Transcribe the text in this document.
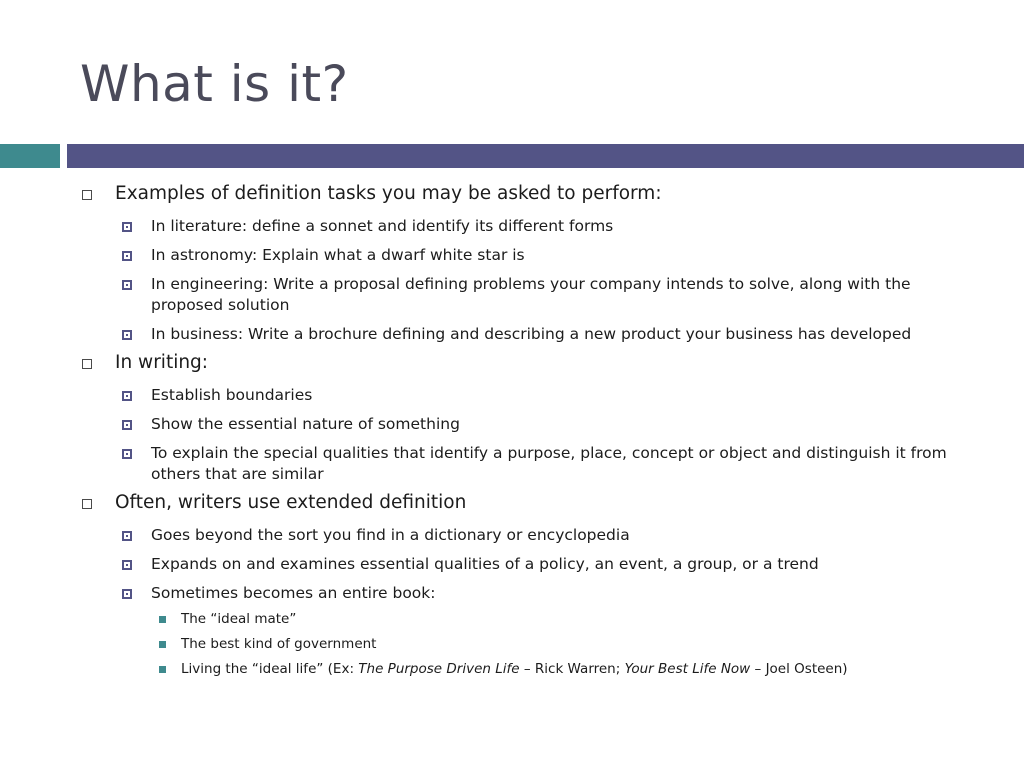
What is it?
Examples of definition tasks you may be asked to perform:
In literature: define a sonnet and identify its different forms
In astronomy: Explain what a dwarf white star is
In engineering: Write a proposal defining problems your company intends to solve, along with the proposed solution
In business: Write a brochure defining and describing a new product your business has developed
In writing:
Establish boundaries
Show the essential nature of something
To explain the special qualities that identify a purpose, place, concept or object and distinguish it from others that are similar
Often, writers use extended definition
Goes beyond the sort you find in a dictionary or encyclopedia
Expands on and examines essential qualities of a policy, an event, a group, or a trend
Sometimes becomes an entire book:
The “ideal mate”
The best kind of government
Living the “ideal life” (Ex: The Purpose Driven Life – Rick Warren; Your Best Life Now – Joel Osteen)
